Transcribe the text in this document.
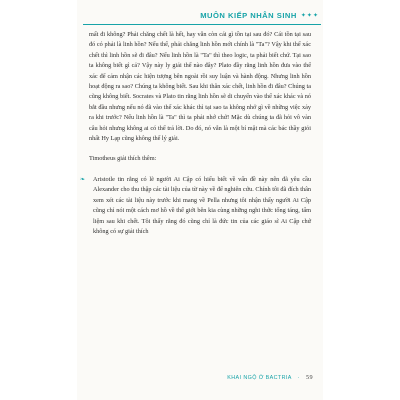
MUÔN KIẾP NHÂN SINH ✦✦✦

mất đi không? Phải chăng chết là hết, hay vẫn còn cái gì tồn tại sau đó? Cái tồn tại sau đó có phải là linh hồn? Nếu thế, phải chăng linh hồn mới chính là "Ta"? Vậy khi thể xác chết thì linh hồn sẽ đi đâu? Nếu linh hồn là "Ta" thì theo logic, ta phải biết chứ. Tại sao ta không biết gì cả? Vậy này ly giải thế nào đây? Plato đầy rằng linh hồn đưa vào thể xác để cảm nhận các hiện tượng bên ngoài rồi suy luận và hành động. Nhưng linh hồn hoạt động ra sao? Chúng ta không biết. Sau khi thân xác chết, linh hồn đi đâu? Chúng ta cũng không biết. Socrates và Plato tin rằng linh hồn sẽ di chuyển vào thể xác khác và nó bắt đầu nhưng nếu nó đã vào thể xác khác thì tại sao ta không nhớ gì về những việc xảy ra khi trước? Nếu linh hồn là "Ta" thì ta phải nhớ chứ! Mặc dù chúng ta đã hỏi vô vàn câu hỏi nhưng không ai có thể trả lời. Do đó, nó vẫn là một bí mật mà các bác thầy giỏi nhất Hy Lạp cũng không thể lý giải.

Timotheus giải thích thêm:

❧ Aristotle tin rằng có lẽ người Ai Cập có hiểu biết về vấn đề này nên đã yêu cầu Alexander cho thu thập các tài liệu của từ này về để nghiên cứu. Chính tôi đã đích thân xem xét các tài liệu này trước khi mang về Pella nhưng tôi nhận thấy người Ai Cập cũng chỉ nói một cách mơ hồ về thế giới bên kia cùng những nghi thức tống táng, tẩm liệm sau khi chết. Tôi thấy rằng đó cũng chỉ là đức tin của các giáo sĩ Ai Cập chứ không có sự giải thích

KHAI NGỘ Ở BACTRIA · 59
